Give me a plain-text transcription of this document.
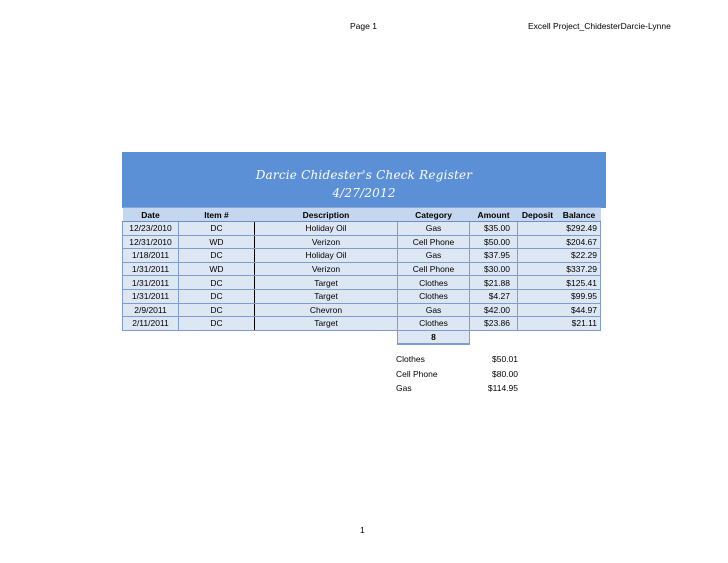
Page 1	Excell Project_ChidesterDarcie-Lynne
Darcie Chidester's Check Register
4/27/2012
Date	Item #	Description	Category	Amount	Deposit	Balance
12/23/2010	DC	Holiday Oil	Gas	$35.00		$292.49
12/31/2010	WD	Verizon	Cell Phone	$50.00		$204.67
1/18/2011	DC	Holiday Oil	Gas	$37.95		$22.29
1/31/2011	WD	Verizon	Cell Phone	$30.00		$337.29
1/31/2011	DC	Target	Clothes	$21.88		$125.41
1/31/2011	DC	Target	Clothes	$4.27		$99.95
2/9/2011	DC	Chevron	Gas	$42.00		$44.97
2/11/2011	DC	Target	Clothes	$23.86		$21.11
			8			
Clothes	$50.01
Cell Phone	$80.00
Gas	$114.95
1
